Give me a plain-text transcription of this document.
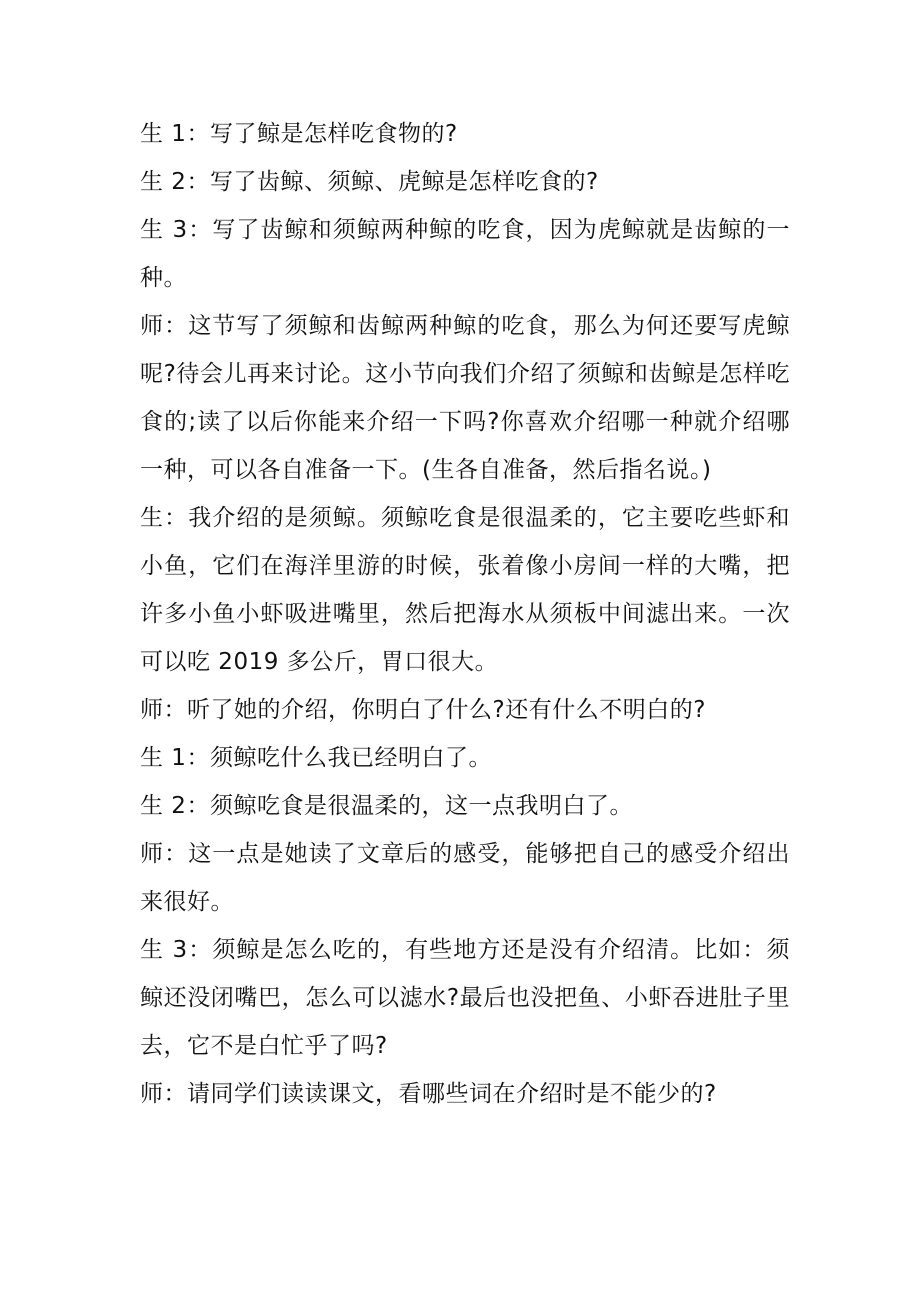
生 1：写了鲸是怎样吃食物的?

生 2：写了齿鲸、须鲸、虎鲸是怎样吃食的?

生 3：写了齿鲸和须鲸两种鲸的吃食，因为虎鲸就是齿鲸的一种。

师：这节写了须鲸和齿鲸两种鲸的吃食，那么为何还要写虎鲸呢?待会儿再来讨论。这小节向我们介绍了须鲸和齿鲸是怎样吃食的;读了以后你能来介绍一下吗?你喜欢介绍哪一种就介绍哪一种，可以各自准备一下。(生各自准备，然后指名说。)

生：我介绍的是须鲸。须鲸吃食是很温柔的，它主要吃些虾和小鱼，它们在海洋里游的时候，张着像小房间一样的大嘴，把许多小鱼小虾吸进嘴里，然后把海水从须板中间滤出来。一次可以吃 2019 多公斤，胃口很大。

师：听了她的介绍，你明白了什么?还有什么不明白的?

生 1：须鲸吃什么我已经明白了。

生 2：须鲸吃食是很温柔的，这一点我明白了。

师：这一点是她读了文章后的感受，能够把自己的感受介绍出来很好。

生 3：须鲸是怎么吃的，有些地方还是没有介绍清。比如：须鲸还没闭嘴巴，怎么可以滤水?最后也没把鱼、小虾吞进肚子里去，它不是白忙乎了吗?

师：请同学们读读课文，看哪些词在介绍时是不能少的?
